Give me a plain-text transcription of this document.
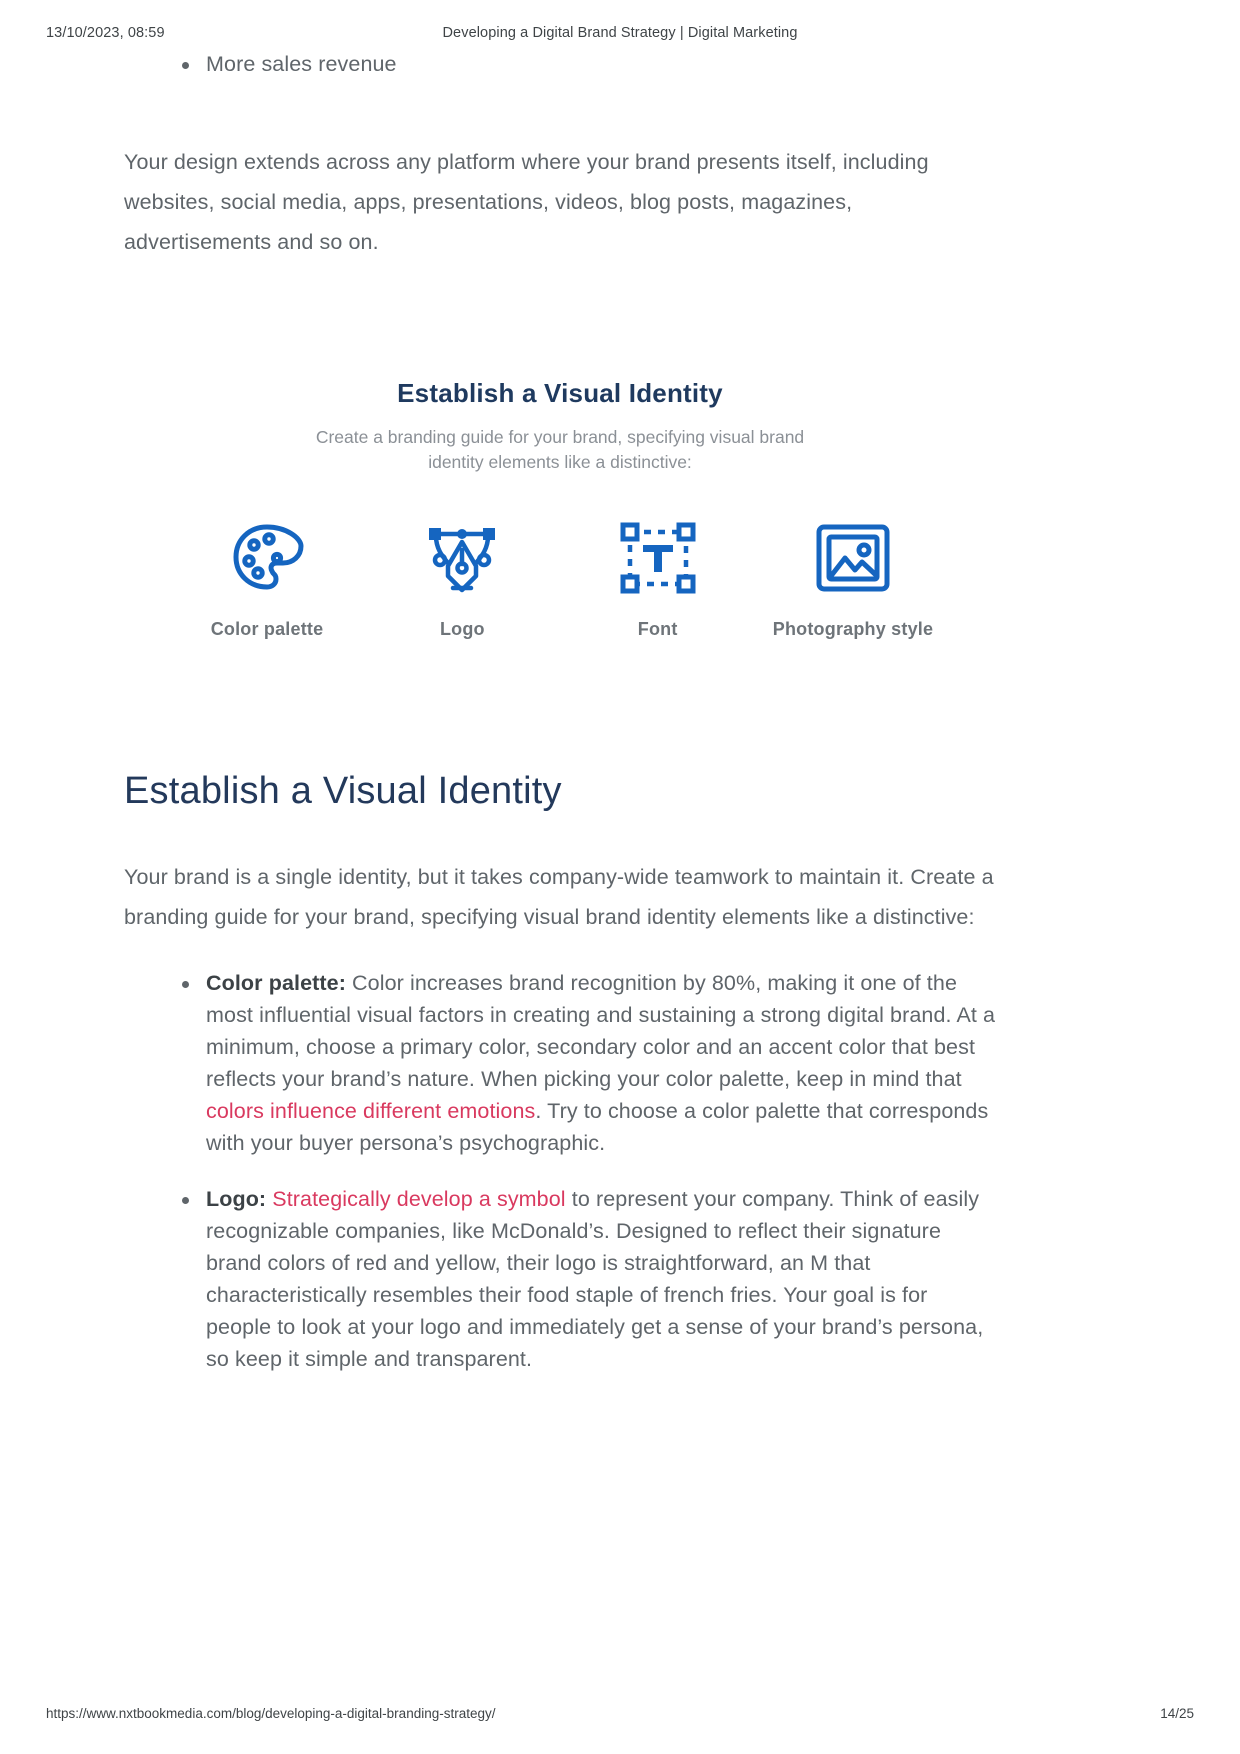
13/10/2023, 08:59	Developing a Digital Brand Strategy | Digital Marketing
More sales revenue

Your design extends across any platform where your brand presents itself, including websites, social media, apps, presentations, videos, blog posts, magazines, advertisements and so on.

Establish a Visual Identity
Create a branding guide for your brand, specifying visual brand identity elements like a distinctive:
Color palette	Logo	Font	Photography style
Establish a Visual Identity

Your brand is a single identity, but it takes company-wide teamwork to maintain it. Create a branding guide for your brand, specifying visual brand identity elements like a distinctive:

Color palette: Color increases brand recognition by 80%, making it one of the most influential visual factors in creating and sustaining a strong digital brand. At a minimum, choose a primary color, secondary color and an accent color that best reflects your brand’s nature. When picking your color palette, keep in mind that colors influence different emotions. Try to choose a color palette that corresponds with your buyer persona’s psychographic.
Logo: Strategically develop a symbol to represent your company. Think of easily recognizable companies, like McDonald’s. Designed to reflect their signature brand colors of red and yellow, their logo is straightforward, an M that characteristically resembles their food staple of french fries. Your goal is for people to look at your logo and immediately get a sense of your brand’s persona, so keep it simple and transparent.
https://www.nxtbookmedia.com/blog/developing-a-digital-branding-strategy/	14/25
